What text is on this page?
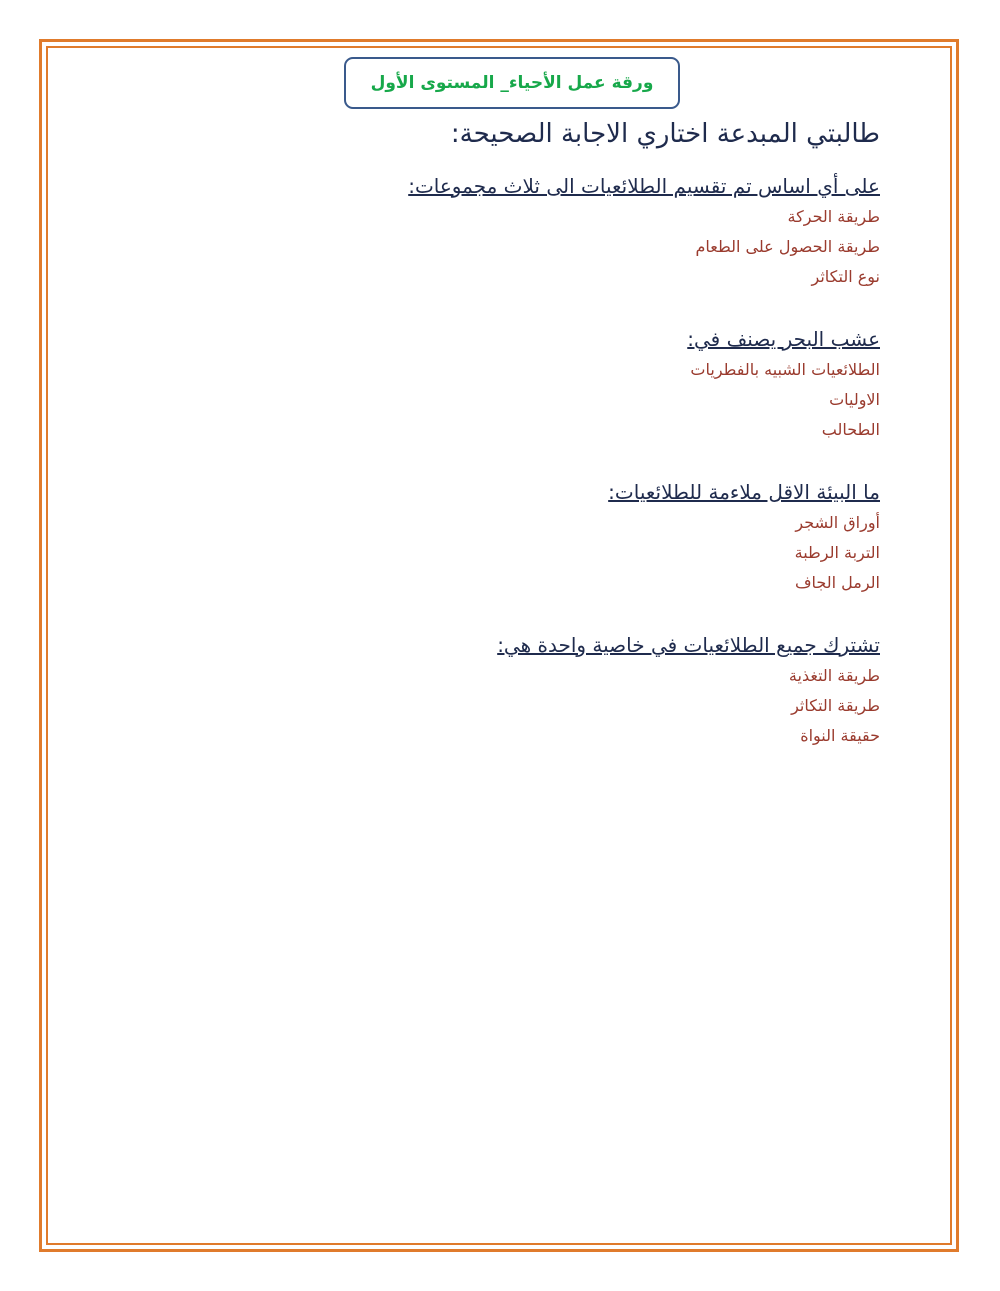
ورقة عمل الأحياء_ المستوى الأول

طالبتي المبدعة اختاري الاجابة الصحيحة:

على أي اساس تم تقسيم الطلائعيات الى ثلاث مجموعات:

طريقة الحركة

طريقة الحصول على الطعام

نوع التكاثر

عشب البحر يصنف في:

الطلائعيات الشبيه بالفطريات

الاوليات

الطحالب

ما البيئة الاقل ملاءمة للطلائعيات:

أوراق الشجر

التربة الرطبة

الرمل الجاف

تشترك جميع الطلائعيات في خاصية واحدة هي:

طريقة التغذية

طريقة التكاثر

حقيقة النواة
